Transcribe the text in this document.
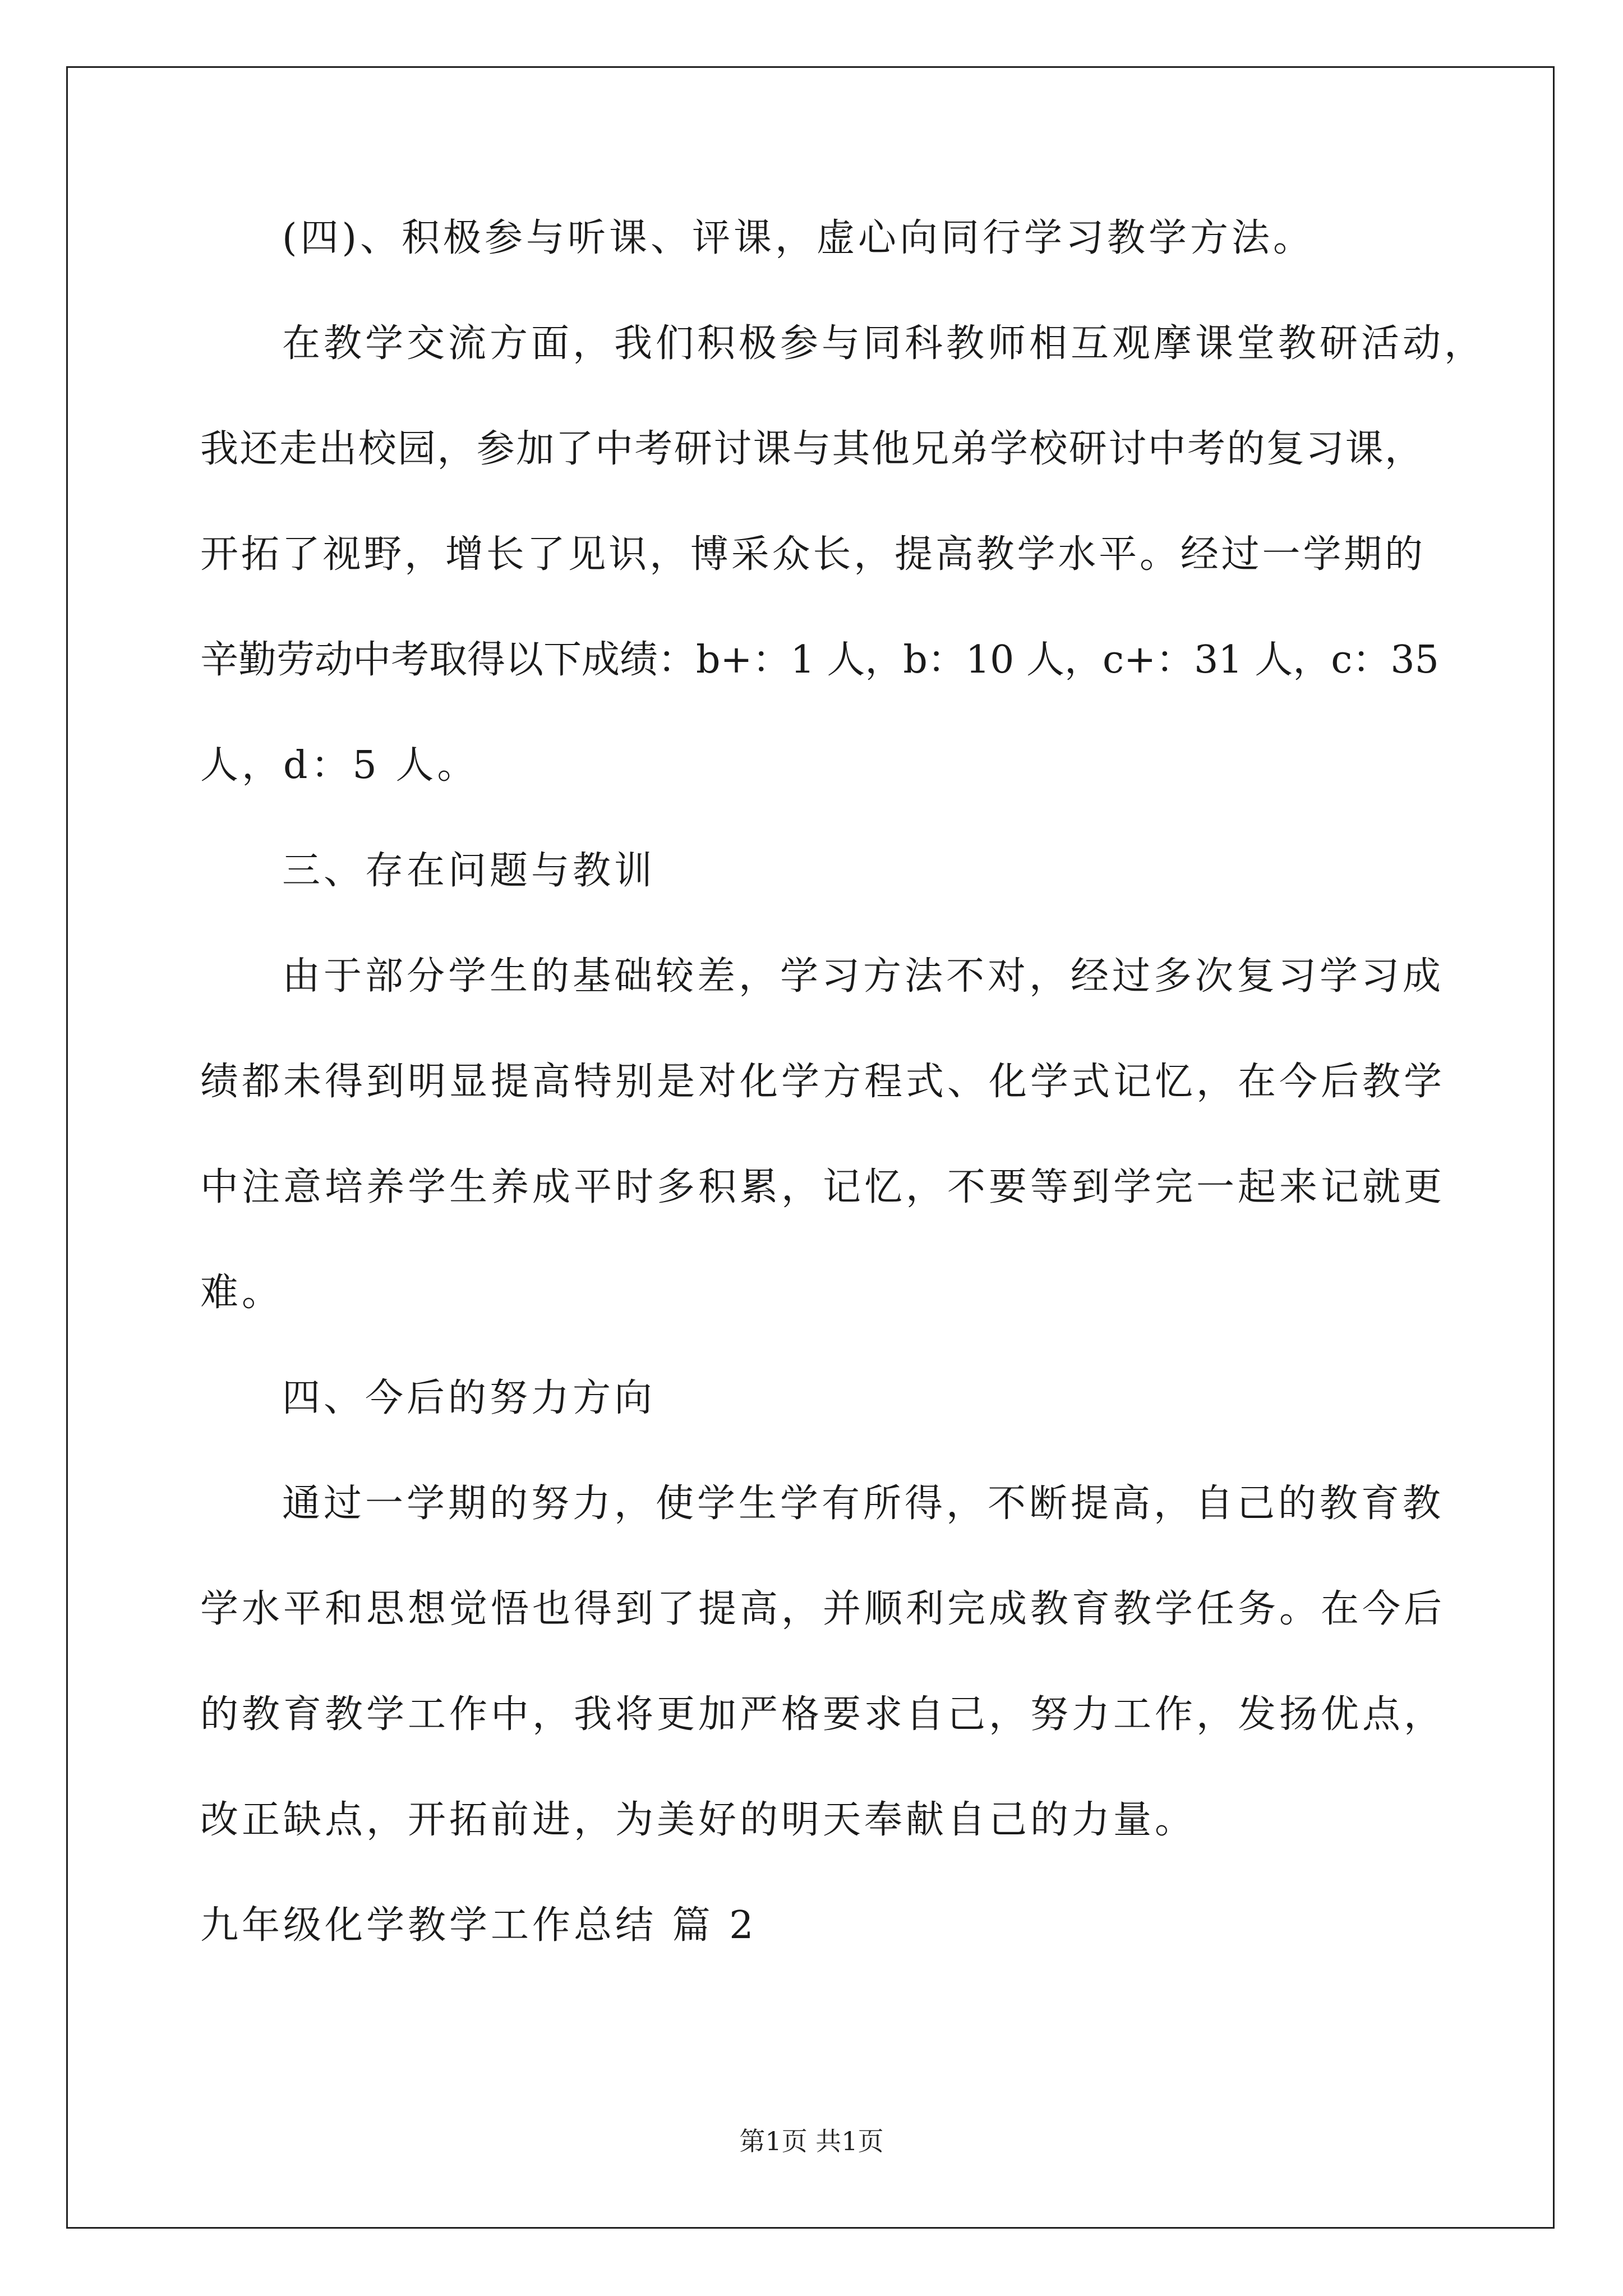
(四)、积极参与听课、评课，虚心向同行学习教学方法。
在教学交流方面，我们积极参与同科教师相互观摩课堂教研活动，
我还走出校园，参加了中考研讨课与其他兄弟学校研讨中考的复习课，
开拓了视野，增长了见识，博采众长，提高教学水平。经过一学期的
辛勤劳动中考取得以下成绩：b+：1 人，b：10 人，c+：31 人，c：35
人，d：5 人。
三、存在问题与教训
由于部分学生的基础较差，学习方法不对，经过多次复习学习成
绩都未得到明显提高特别是对化学方程式、化学式记忆，在今后教学
中注意培养学生养成平时多积累，记忆，不要等到学完一起来记就更
难。
四、今后的努力方向
通过一学期的努力，使学生学有所得，不断提高，自己的教育教
学水平和思想觉悟也得到了提高，并顺利完成教育教学任务。在今后
的教育教学工作中，我将更加严格要求自己，努力工作，发扬优点，
改正缺点，开拓前进，为美好的明天奉献自己的力量。
九年级化学教学工作总结 篇 2
第1页 共1页
